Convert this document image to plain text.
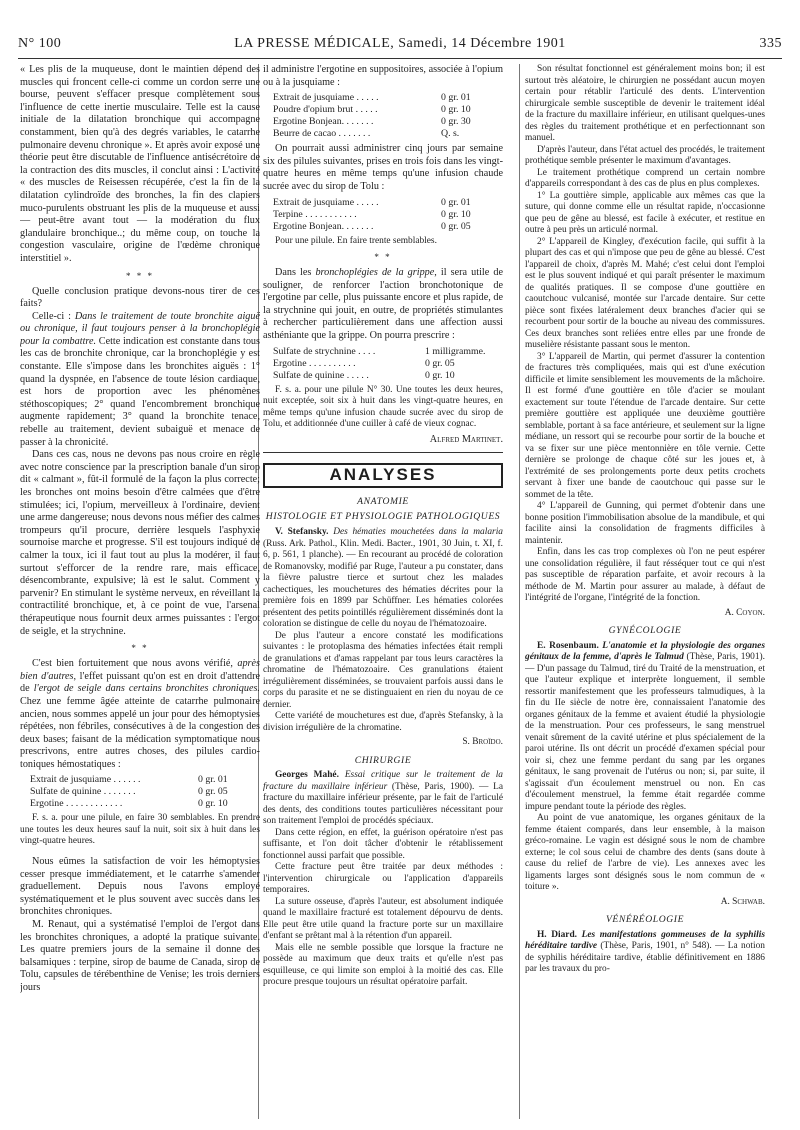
N° 100	LA PRESSE MÉDICALE, Samedi, 14 Décembre 1901	335

« Les plis de la muqueuse, dont le maintien dépend des muscles qui froncent celle-ci comme un cordon serre une bourse, peuvent s'effacer presque complètement sous l'influence de cette inertie musculaire. Telle est la cause initiale de la dilatation bronchique qui accompagne constamment, bien qu'à des degrés variables, le catarrhe pulmonaire devenu chronique ». Et après avoir exposé une théorie peut être discutable de l'influence antisécrétoire de la contraction des dits muscles, il conclut ainsi : L'activité « des muscles de Reisessen récupérée, c'est la fin de la dilatation cylindroïde des bronches, la fin des clapiers muco-purulents obstruant les plis de la muqueuse et aussi — peut-être avant tout — la modération du flux glandulaire bronchique..; du même coup, on touche la congestion vasculaire, origine de l'œdème chronique interstitiel ».

* * *

Quelle conclusion pratique devons-nous tirer de ces faits?

Celle-ci : Dans le traitement de toute bronchite aiguë ou chronique, il faut toujours penser à la bronchoplégie pour la combattre. Cette indication est constante dans tous les cas de bronchite chronique, car la bronchoplégie y est constante. Elle s'impose dans les bronchites aiguës : 1° quand la dyspnée, en l'absence de toute lésion cardiaque, est hors de proportion avec les phénomènes stéthoscopiques; 2° quand l'encombrement bronchique augmente rapidement; 3° quand la bronchite tenace, rebelle au traitement, devient subaiguë et menace de passer à la chronicité.

Dans ces cas, nous ne devons pas nous croire en règle avec notre conscience par la prescription banale d'un sirop dit « calmant », fût-il formulé de la façon la plus correcte; les bronches ont moins besoin d'être calmées que d'être stimulées; ici, l'opium, merveilleux à l'ordinaire, devient une arme dangereuse; nous devons nous méfier des calmes trompeurs qu'il procure, derrière lesquels l'asphyxie sournoise marche et progresse. S'il est toujours indiqué de calmer la toux, ici il faut tout au plus la modérer, il faut surtout s'efforcer de la rendre rare, mais efficace, désencombrante, expulsive; là est le salut. Comment y parvenir? En stimulant le système nerveux, en réveillant la contractilité bronchique, et, à ce point de vue, l'arsenal thérapeutique nous fournit deux armes puissantes : l'ergot de seigle, et la strychnine.

* *

C'est bien fortuitement que nous avons vérifié, après bien d'autres, l'effet puissant qu'on est en droit d'attendre de l'ergot de seigle dans certains bronchites chroniques. Chez une femme âgée atteinte de catarrhe pulmonaire ancien, nous sommes appelé un jour pour des hémoptysies répétées, non fébriles, consécutives à de la congestion des deux bases; faisant de la médication symptomatique nous prescrivons, entre autres choses, des pilules cardio-toniques hémostatiques :

Extrait de jusquiame . . . . . .	0 gr. 01
Sulfate de quinine . . . . . . .	0 gr. 05
Ergotine . . . . . . . . . . . .	0 gr. 10

F. s. a. pour une pilule, en faire 30 semblables. En prendre une toutes les deux heures sauf la nuit, soit six à huit dans les vingt-quatre heures.

Nous eûmes la satisfaction de voir les hémoptysies cesser presque immédiatement, et le catarrhe s'amender graduellement. Depuis nous l'avons employé systématiquement et le plus souvent avec succès dans les bronchites chroniques.

M. Renaut, qui a systématisé l'emploi de l'ergot dans les bronchites chroniques, a adopté la pratique suivante. Les quatre premiers jours de la semaine il donne des balsamiques : terpine, sirop de baume de Canada, sirop de Tolu, capsules de térébenthine de Venise; les trois derniers jours

il administre l'ergotine en suppositoires, associée à l'opium ou à la jusquiame :

Extrait de jusquiame . . . . .	0 gr. 01
Poudre d'opium brut . . . . .	0 gr. 10
Ergotine Bonjean. . . . . . .	0 gr. 30
Beurre de cacao . . . . . . .	Q. s.

On pourrait aussi administrer cinq jours par semaine six des pilules suivantes, prises en trois fois dans les vingt-quatre heures en même temps qu'une infusion chaude sucrée avec du sirop de Tolu :

Extrait de jusquiame . . . . .	0 gr. 01
Terpine . . . . . . . . . . .	0 gr. 10
Ergotine Bonjean. . . . . . .	0 gr. 05

Pour une pilule. En faire trente semblables.

* *

Dans les bronchoplégies de la grippe, il sera utile de souligner, de renforcer l'action bronchotonique de l'ergotine par celle, plus puissante encore et plus rapide, de la strychnine qui jouit, en outre, de propriétés stimulantes à rechercher particulièrement dans une affection aussi asthéniante que la grippe. On pourra prescrire :

Sulfate de strychnine . . . .	1 milligramme.
Ergotine . . . . . . . . . .	0 gr. 05
Sulfate de quinine . . . . .	0 gr. 10

F. s. a. pour une pilule N° 30. Une toutes les deux heures, nuit exceptée, soit six à huit dans les vingt-quatre heures, en même temps qu'une infusion chaude sucrée avec du sirop de Tolu, et additionnée d'une cuiller à café de vieux cognac.

Alfred Martinet.

ANALYSES

ANATOMIE

HISTOLOGIE ET PHYSIOLOGIE PATHOLOGIQUES

V. Stefansky. Des hématies mouchetées dans la malaria (Russ. Ark. Pathol., Klin. Medi. Bacter., 1901, 30 Juin, t. XI, f. 6, p. 561, 1 planche). — En recourant au procédé de coloration de Romanovsky, modifié par Ruge, l'auteur a pu constater, dans la fièvre palustre tierce et surtout chez les malades cachectiques, les mouchetures des hématies décrites pour la première fois en 1899 par Schüffner. Les hématies colorées présentent des petits pointillés régulièrement disséminés dont la coloration se distingue de celle du noyau de l'hématozoaire.

De plus l'auteur a encore constaté les modifications suivantes : le protoplasma des hématies infectées était rempli de granulations et d'amas rappelant par tous leurs caractères la chromatine de l'hématozoaire. Ces granulations étaient irrégulièrement disséminées, se trouvaient parfois aussi dans le corps du parasite et ne se distinguaient en rien du noyau de ce dernier.

Cette variété de mouchetures est due, d'après Stefansky, à la division irrégulière de la chromatine.

S. Broïdo.

CHIRURGIE

Georges Mahé. Essai critique sur le traitement de la fracture du maxillaire inférieur (Thèse, Paris, 1900). — La fracture du maxillaire inférieur présente, par le fait de l'articulé des dents, des conditions toutes particulières nécessitant pour son traitement l'emploi de procédés spéciaux.

Dans cette région, en effet, la guérison opératoire n'est pas suffisante, et l'on doit tâcher d'obtenir le rétablissement fonctionnel aussi parfait que possible.

Cette fracture peut être traitée par deux méthodes : l'intervention chirurgicale ou l'application d'appareils temporaires.

La suture osseuse, d'après l'auteur, est absolument indiquée quand le maxillaire fracturé est totalement dépourvu de dents. Elle peut être utile quand la fracture porte sur un maxillaire d'enfant se prêtant mal à la rétention d'un appareil.

Mais elle ne semble possible que lorsque la fracture ne possède au maximum que deux traits et qu'elle n'est pas esquilleuse, ce qui limite son emploi à la moitié des cas. Elle procure presque toujours un résultat opératoire parfait.

Son résultat fonctionnel est généralement moins bon; il est surtout très aléatoire, le chirurgien ne possédant aucun moyen certain pour rétablir l'articulé des dents. L'intervention chirurgicale semble susceptible de devenir le traitement idéal de la fracture du maxillaire inférieur, en utilisant quelques-unes des règles du traitement prothétique et en perfectionnant son manuel.

D'après l'auteur, dans l'état actuel des procédés, le traitement prothétique semble présenter le maximum d'avantages.

Le traitement prothétique comprend un certain nombre d'appareils correspondant à des cas de plus en plus complexes.

1° La gouttière simple, applicable aux mêmes cas que la suture, qui donne comme elle un résultat rapide, n'occasionne que peu de gêne au blessé, est facile à exécuter, et restitue en outre à peu près un articulé normal.

2° L'appareil de Kingley, d'exécution facile, qui suffit à la plupart des cas et qui n'impose que peu de gêne au blessé. C'est l'appareil de choix, d'après M. Mahé; c'est celui dont l'emploi est le plus souvent indiqué et qui paraît présenter le maximum de qualités pratiques. Il se compose d'une gouttière en caoutchouc vulcanisé, montée sur l'arcade dentaire. Sur cette pièce sont fixées latéralement deux branches d'acier qui se recourbent pour sortir de la bouche au niveau des commissures. Ces deux branches sont reliées entre elles par une fronde de muselière résistante passant sous le menton.

3° L'appareil de Martin, qui permet d'assurer la contention de fractures très compliquées, mais qui est d'une exécution difficile et limite sensiblement les mouvements de la mâchoire. Il est formé d'une gouttière en tôle d'acier se moulant exactement sur toute l'étendue de l'arcade dentaire. Sur cette première gouttière est appliquée une deuxième gouttière semblable, portant à sa face antérieure, et seulement sur la ligne médiane, un ressort qui se recourbe pour sortir de la bouche et va se fixer sur une pièce mentonnière en tôle vernie. Cette dernière se prolonge de chaque côté sur les joues et, à l'extrémité de ses prolongements porte deux petits crochets servant à fixer une bande de caoutchouc qui passe sur le sommet de la tête.

4° L'appareil de Gunning, qui permet d'obtenir dans une bonne position l'immobilisation absolue de la mandibule, et qui facilite ainsi la consolidation de fragments difficiles à maintenir.

Enfin, dans les cas trop complexes où l'on ne peut espérer une consolidation régulière, il faut résséquer tout ce qui n'est pas susceptible de réparation parfaite, et avoir recours à la méthode de M. Martin pour assurer au malade, à défaut de l'intégrité de l'organe, l'intégrité de la fonction.

A. Coyon.

GYNÉCOLOGIE

E. Rosenbaum. L'anatomie et la physiologie des organes génitaux de la femme, d'après le Talmud (Thèse, Paris, 1901). — D'un passage du Talmud, tiré du Traité de la menstruation, et que l'auteur explique et interprète longuement, il semble ressortir manifestement que les professeurs talmudiques, à la fin du IIe siècle de notre ère, connaissaient l'anatomie des organes génitaux de la femme et avaient étudié la physiologie de la menstruation. Pour ces professeurs, le sang menstruel venait sûrement de la cavité utérine et plus spécialement de la paroi utérine. Ils ont décrit un procédé d'examen spécial pour voir si, chez une femme perdant du sang par les organes génitaux, le sang provenait de l'utérus ou non; si, par suite, il s'agissait d'un écoulement menstruel ou non. En cas d'écoulement menstruel, la femme était regardée comme impure pendant toute la période des règles.

Au point de vue anatomique, les organes génitaux de la femme étaient comparés, dans leur ensemble, à la maison gréco-romaine. Le vagin est désigné sous le nom de chambre externe; le col sous celui de chambre des dents (sans doute à cause du relief de l'arbre de vie). Les annexes avec les ligaments larges sont désignés sous le nom commun de « toiture ».

A. Schwab.

VÉNÉRÉOLOGIE

H. Diard. Les manifestations gommeuses de la syphilis héréditaire tardive (Thèse, Paris, 1901, n° 548). — La notion de syphilis héréditaire tardive, établie définitivement en 1886 par les travaux du pro-
